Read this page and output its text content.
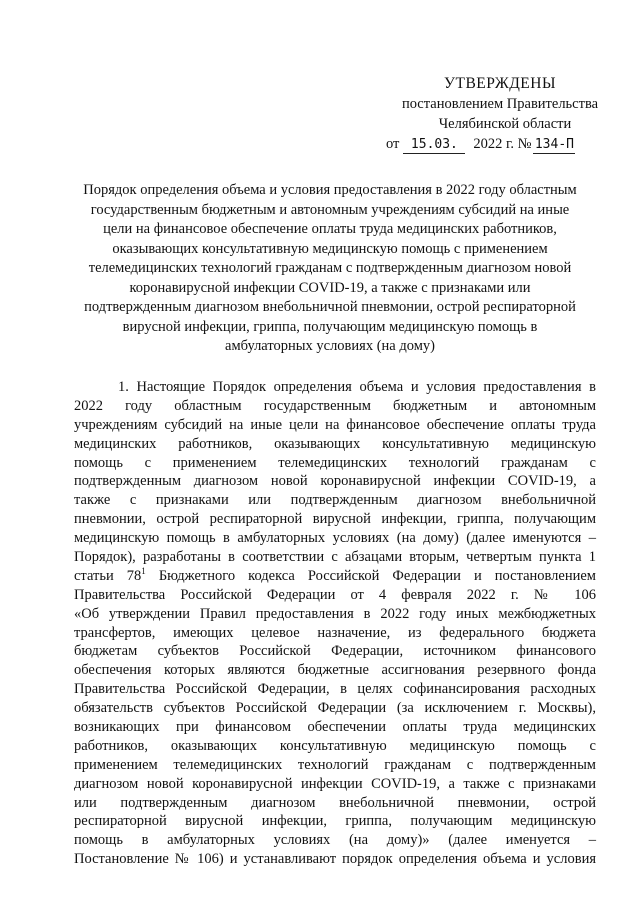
УТВЕРЖДЕНЫ
постановлением Правительства
Челябинской области
от 15.03. 2022 г. № 134-П
Порядок определения объема и условия предоставления в 2022 году областным
государственным бюджетным и автономным учреждениям субсидий на иные
цели на финансовое обеспечение оплаты труда медицинских работников,
оказывающих консультативную медицинскую помощь с применением
телемедицинских технологий гражданам с подтвержденным диагнозом новой
коронавирусной инфекции COVID-19, а также с признаками или
подтвержденным диагнозом внебольничной пневмонии, острой респираторной
вирусной инфекции, гриппа, получающим медицинскую помощь в
амбулаторных условиях (на дому)
1. Настоящие Порядок определения объема и условия предоставления в
2022 году областным государственным бюджетным и автономным
учреждениям субсидий на иные цели на финансовое обеспечение оплаты труда
медицинских работников, оказывающих консультативную медицинскую
помощь с применением телемедицинских технологий гражданам с
подтвержденным диагнозом новой коронавирусной инфекции COVID-19, а
также с признаками или подтвержденным диагнозом внебольничной
пневмонии, острой респираторной вирусной инфекции, гриппа, получающим
медицинскую помощь в амбулаторных условиях (на дому) (далее именуются –
Порядок), разработаны в соответствии с абзацами вторым, четвертым пункта 1
статьи $78^1$ Бюджетного кодекса Российской Федерации и постановлением
Правительства Российской Федерации от 4 февраля 2022 г. № 106
«Об утверждении Правил предоставления в 2022 году иных межбюджетных
трансфертов, имеющих целевое назначение, из федерального бюджета
бюджетам субъектов Российской Федерации, источником финансового
обеспечения которых являются бюджетные ассигнования резервного фонда
Правительства Российской Федерации, в целях софинансирования расходных
обязательств субъектов Российской Федерации (за исключением г. Москвы),
возникающих при финансовом обеспечении оплаты труда медицинских
работников, оказывающих консультативную медицинскую помощь с
применением телемедицинских технологий гражданам с подтвержденным
диагнозом новой коронавирусной инфекции COVID-19, а также с признаками
или подтвержденным диагнозом внебольничной пневмонии, острой
респираторной вирусной инфекции, гриппа, получающим медицинскую
помощь в амбулаторных условиях (на дому)» (далее именуется –
Постановление № 106) и устанавливают порядок определения объема и условия
